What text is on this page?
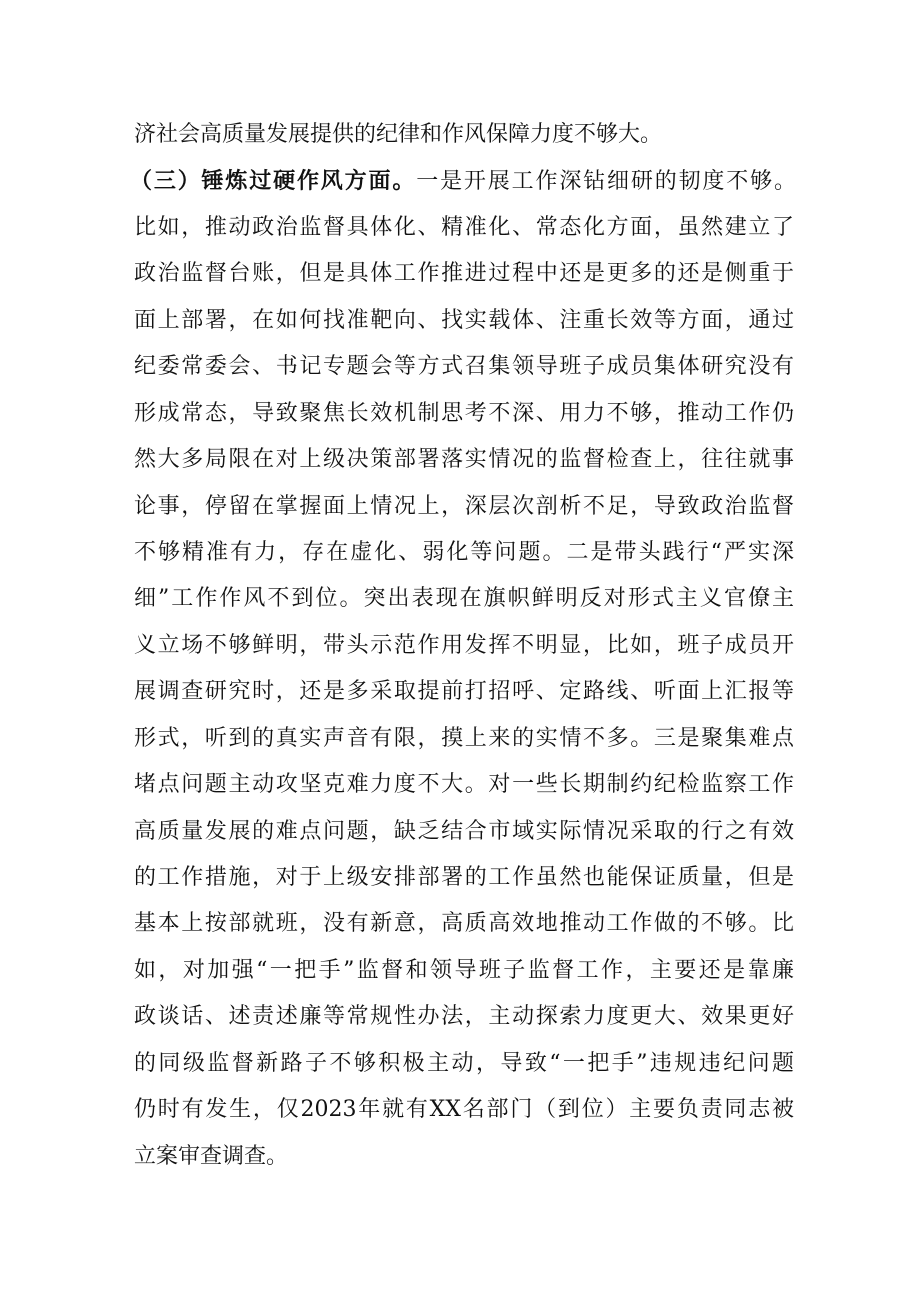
济社会高质量发展提供的纪律和作风保障力度不够大。
（三）锤炼过硬作风方面。一是开展工作深钻细研的韧度不够。
比如，推动政治监督具体化、精准化、常态化方面，虽然建立了
政治监督台账，但是具体工作推进过程中还是更多的还是侧重于
面上部署，在如何找准靶向、找实载体、注重长效等方面，通过
纪委常委会、书记专题会等方式召集领导班子成员集体研究没有
形成常态，导致聚焦长效机制思考不深、用力不够，推动工作仍
然大多局限在对上级决策部署落实情况的监督检查上，往往就事
论事，停留在掌握面上情况上，深层次剖析不足，导致政治监督
不够精准有力，存在虚化、弱化等问题。二是带头践行“严实深
细”工作作风不到位。突出表现在旗帜鲜明反对形式主义官僚主
义立场不够鲜明，带头示范作用发挥不明显，比如，班子成员开
展调查研究时，还是多采取提前打招呼、定路线、听面上汇报等
形式，听到的真实声音有限，摸上来的实情不多。三是聚集难点
堵点问题主动攻坚克难力度不大。对一些长期制约纪检监察工作
高质量发展的难点问题，缺乏结合市域实际情况采取的行之有效
的工作措施，对于上级安排部署的工作虽然也能保证质量，但是
基本上按部就班，没有新意，高质高效地推动工作做的不够。比
如，对加强“一把手”监督和领导班子监督工作，主要还是靠廉
政谈话、述责述廉等常规性办法，主动探索力度更大、效果更好
的同级监督新路子不够积极主动，导致“一把手”违规违纪问题
仍时有发生，仅2023年就有XX名部门（到位）主要负责同志被
立案审查调查。
